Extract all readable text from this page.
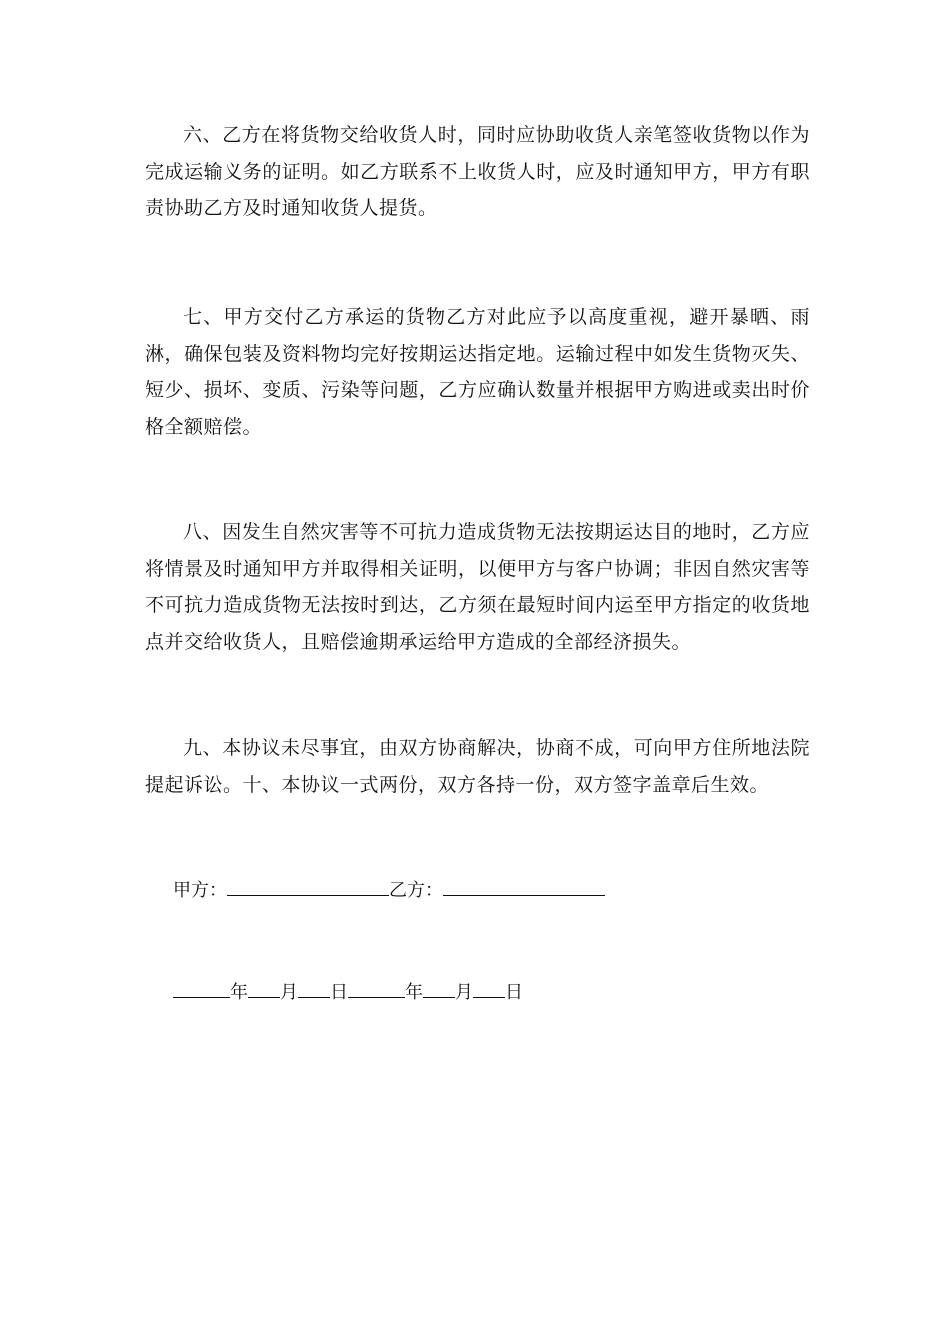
六、乙方在将货物交给收货人时，同时应协助收货人亲笔签收货物以作为完成运输义务的证明。如乙方联系不上收货人时，应及时通知甲方，甲方有职责协助乙方及时通知收货人提货。

七、甲方交付乙方承运的货物乙方对此应予以高度重视，避开暴晒、雨淋，确保包装及资料物均完好按期运达指定地。运输过程中如发生货物灭失、短少、损坏、变质、污染等问题，乙方应确认数量并根据甲方购进或卖出时价格全额赔偿。

八、因发生自然灾害等不可抗力造成货物无法按期运达目的地时，乙方应将情景及时通知甲方并取得相关证明，以便甲方与客户协调；非因自然灾害等不可抗力造成货物无法按时到达，乙方须在最短时间内运至甲方指定的收货地点并交给收货人，且赔偿逾期承运给甲方造成的全部经济损失。

九、本协议未尽事宜，由双方协商解决，协商不成，可向甲方住所地法院提起诉讼。十、本协议一式两份，双方各持一份，双方签字盖章后生效。

甲方：	乙方：
年 月 日	年 月 日
